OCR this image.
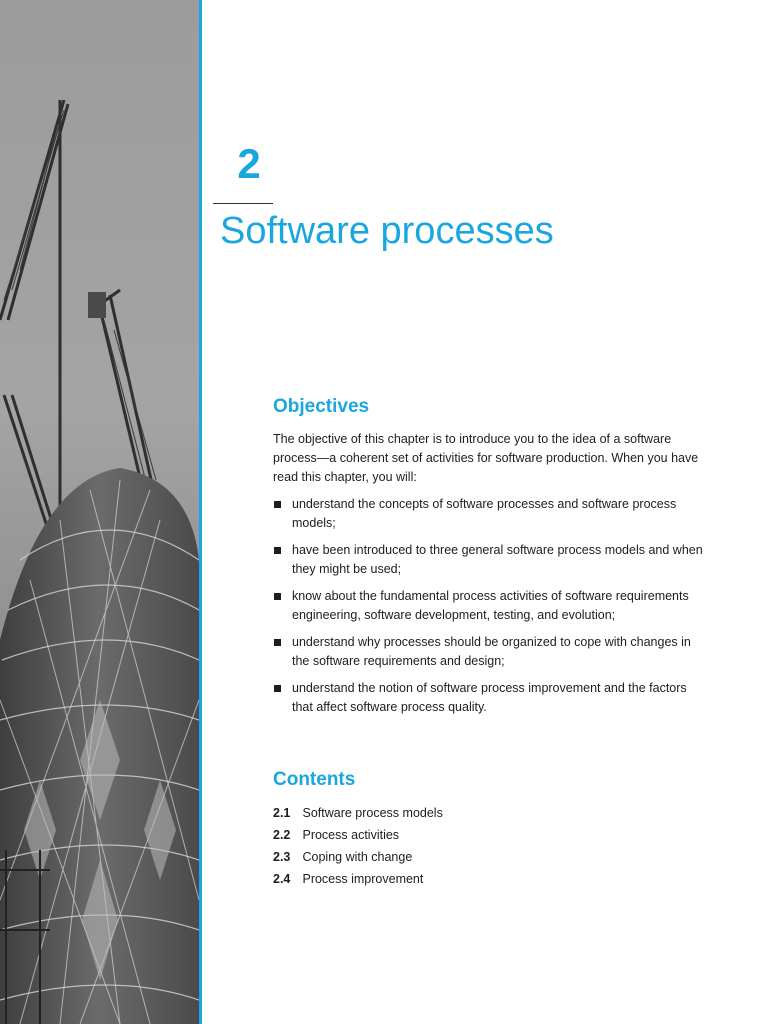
2
Software processes
Objectives

The objective of this chapter is to introduce you to the idea of a software process—a coherent set of activities for software production. When you have read this chapter, you will:

understand the concepts of software processes and software process models;
have been introduced to three general software process models and when they might be used;
know about the fundamental process activities of software requirements engineering, software development, testing, and evolution;
understand why processes should be organized to cope with changes in the software requirements and design;
understand the notion of software process improvement and the factors that affect software process quality.
Contents
2.1 Software process models
2.2 Process activities
2.3 Coping with change
2.4 Process improvement
